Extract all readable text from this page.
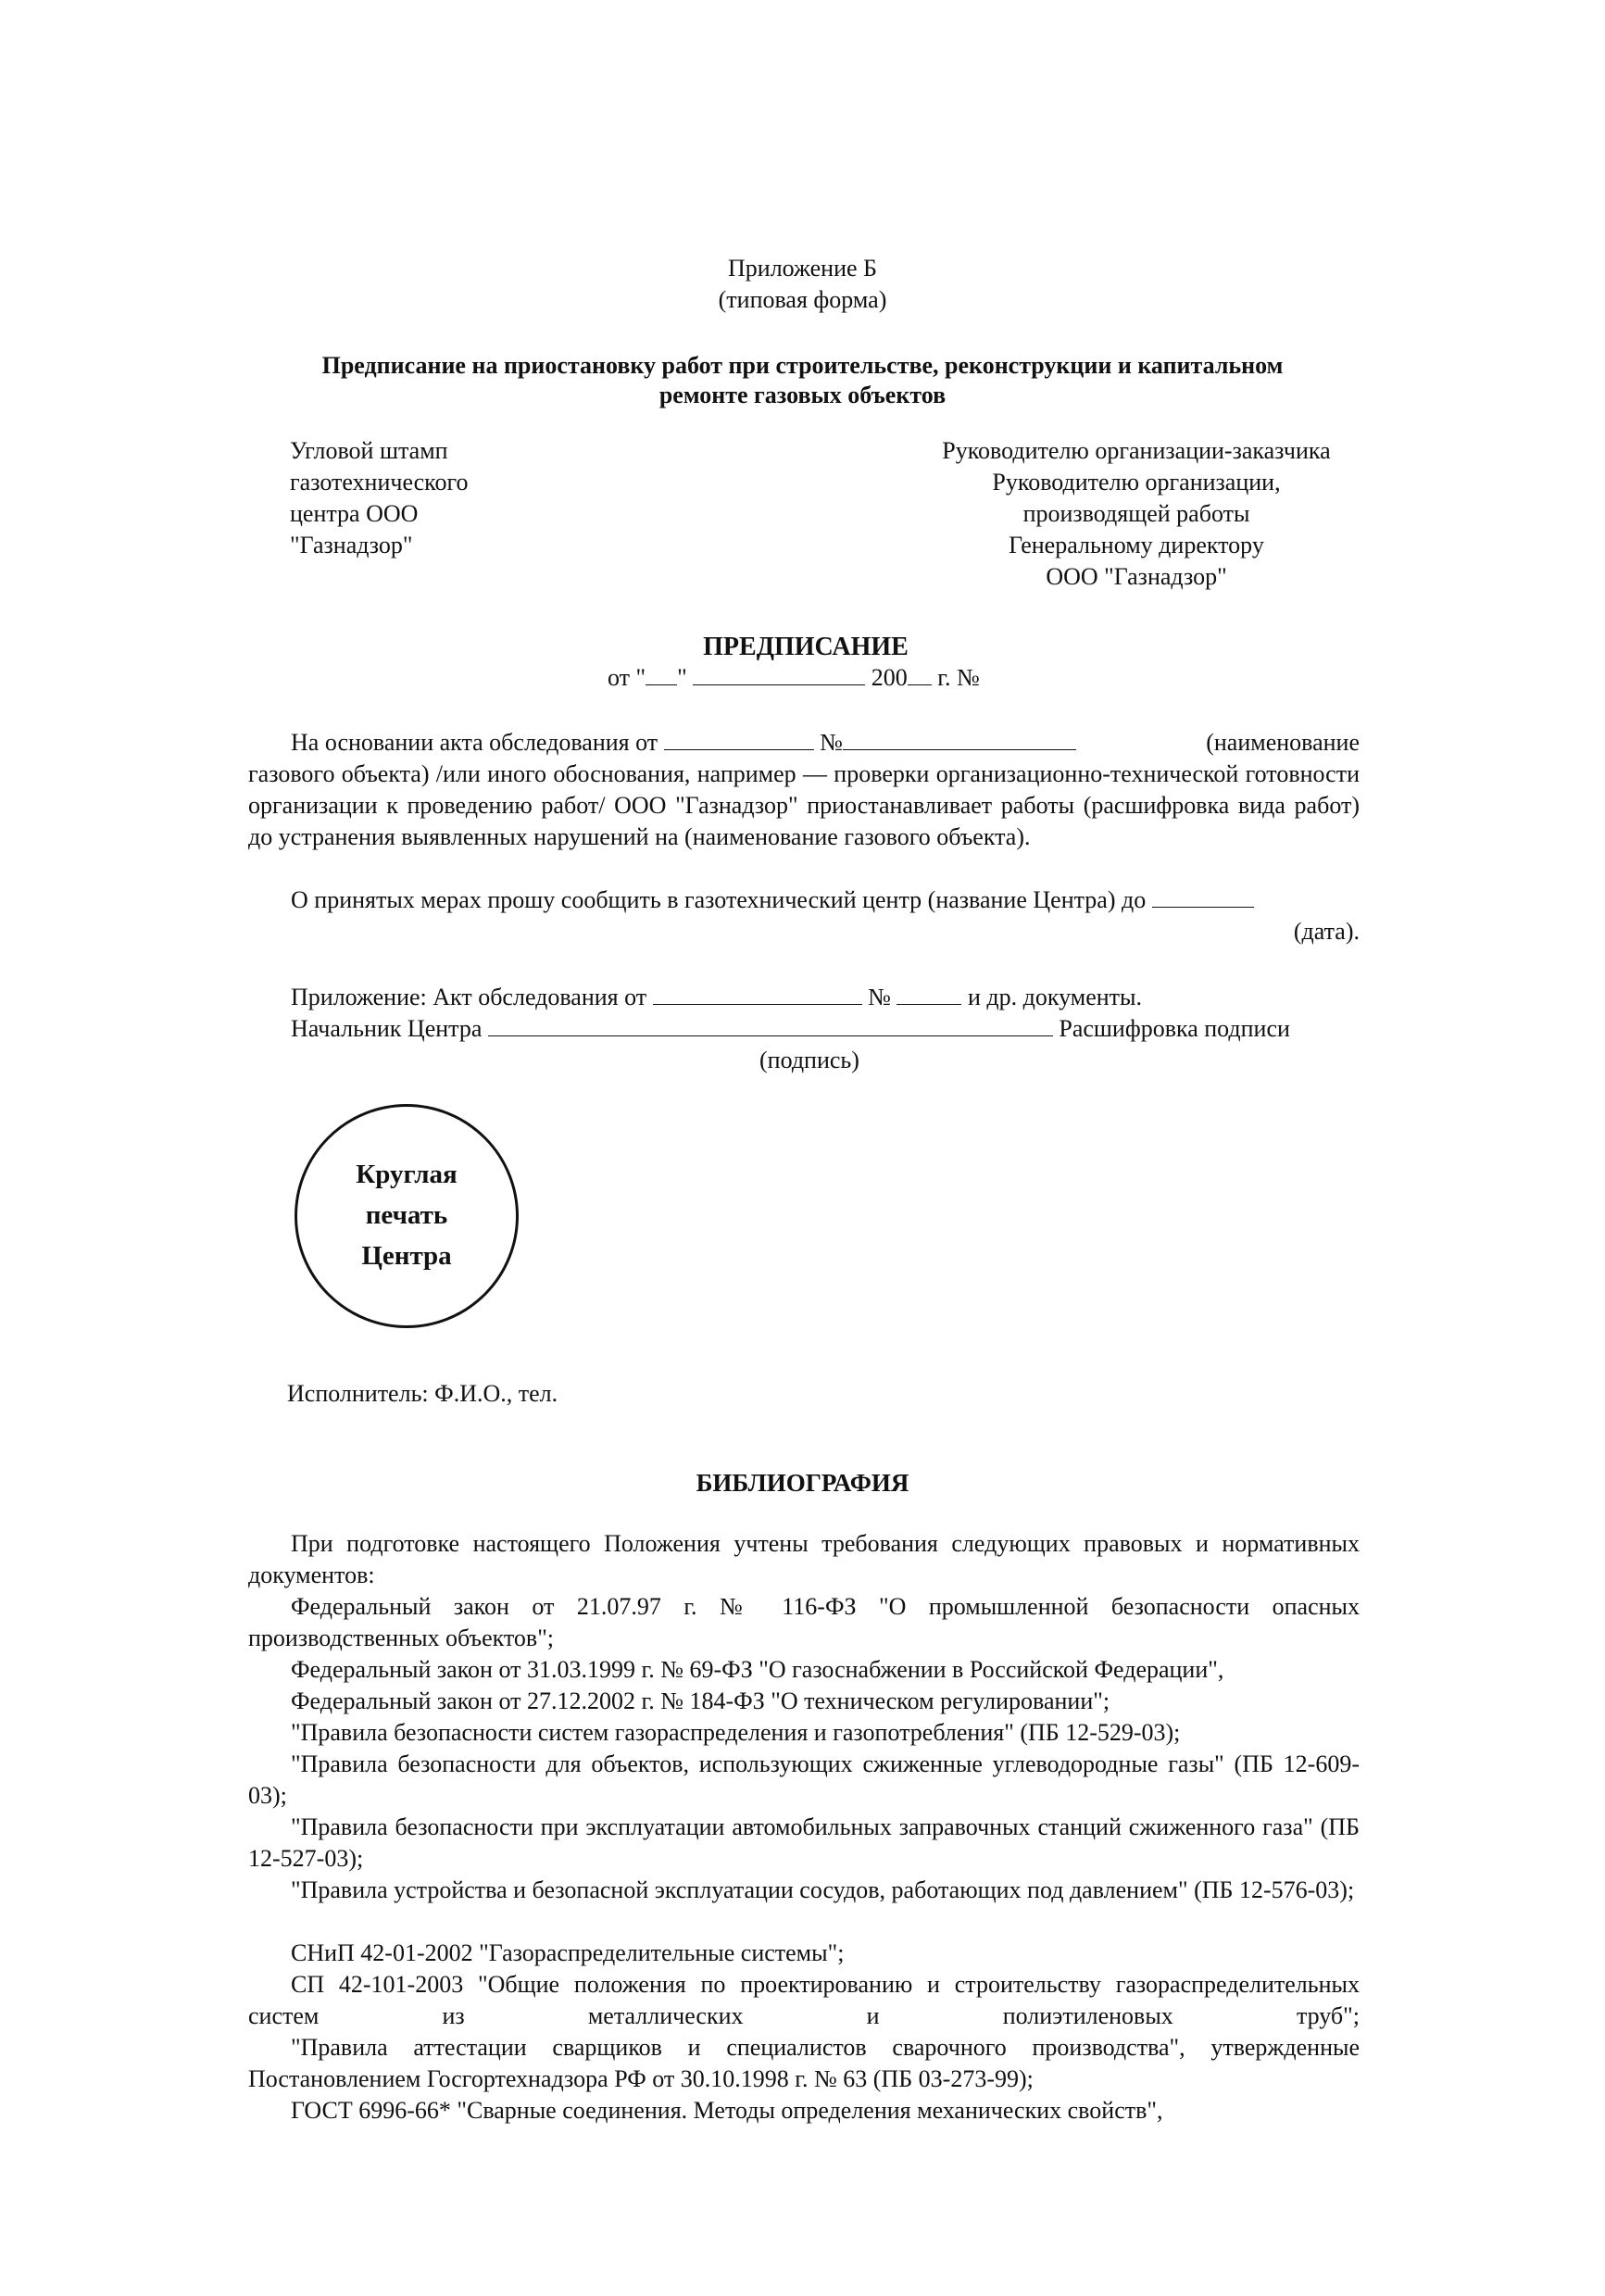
Приложение Б
(типовая форма)
Предписание на приостановку работ при строительстве, реконструкции и капитальном
ремонте газовых объектов
Угловой штамп
газотехнического
центра ООО
"Газнадзор"
Руководителю организации-заказчика
Руководителю организации,
производящей работы
Генеральному директору
ООО "Газнадзор"
ПРЕДПИСАНИЕ
от " "	200 г. №
На основании акта обследования от	№	(наименование
газового объекта) /или иного обоснования, например — проверки организационно-технической готовности организации к проведению работ/ ООО "Газнадзор" приостанавливает работы (расшифровка вида работ) до устранения выявленных нарушений на (наименование газового объекта).
О принятых мерах прошу сообщить в газотехнический центр (название Центра) до
(дата).
Приложение: Акт обследования от	№	и др. документы.
Начальник Центра	Расшифровка подписи
(подпись)
Круглая
печать
Центра
Исполнитель: Ф.И.О., тел.
БИБЛИОГРАФИЯ
При подготовке настоящего Положения учтены требования следующих правовых и нормативных документов:
Федеральный закон от 21.07.97 г. № 116-ФЗ "О промышленной безопасности опасных производственных объектов";
Федеральный закон от 31.03.1999 г. № 69-ФЗ "О газоснабжении в Российской Федерации",
Федеральный закон от 27.12.2002 г. № 184-ФЗ "О техническом регулировании";
"Правила безопасности систем газораспределения и газопотребления" (ПБ 12-529-03);
"Правила безопасности для объектов, использующих сжиженные углеводородные газы" (ПБ 12-609-03);
"Правила безопасности при эксплуатации автомобильных заправочных станций сжиженного газа" (ПБ 12-527-03);
"Правила устройства и безопасной эксплуатации сосудов, работающих под давлением" (ПБ 12-576-03);
СНиП 42-01-2002 "Газораспределительные системы";
СП 42-101-2003 "Общие положения по проектированию и строительству газораспределительных систем из металлических и полиэтиленовых труб";
"Правила аттестации сварщиков и специалистов сварочного производства", утвержденные Постановлением Госгортехнадзора РФ от 30.10.1998 г. № 63 (ПБ 03-273-99);
ГОСТ 6996-66* "Сварные соединения. Методы определения механических свойств",
